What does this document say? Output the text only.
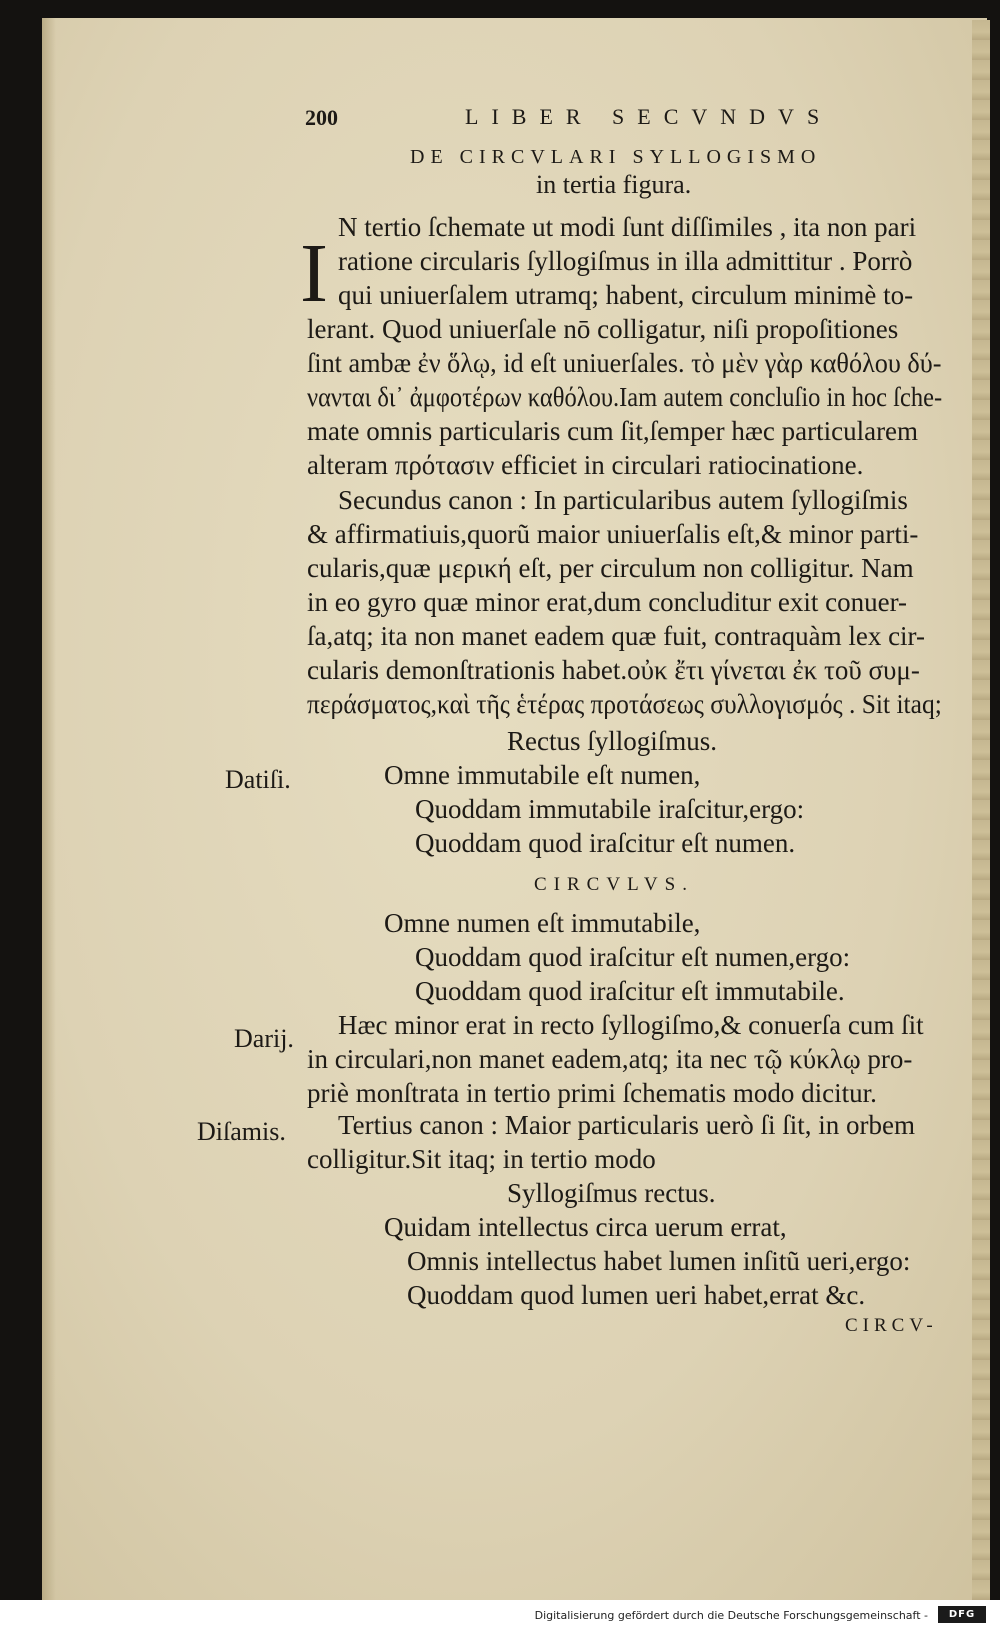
200	LIBER SECVNDVS
DE CIRCVLARI SYLLOGISMO
in tertia figura.
I N tertio ſchemate ut modi ſunt diſſimiles , ita non pari
ratione circularis ſyllogiſmus in illa admittitur . Porrò
qui uniuerſalem utramq; habent, circulum minimè to-
lerant. Quod uniuerſale nō colligatur, niſi propoſitiones
ſint ambæ ἐν ὅλῳ, id eſt uniuerſales. τὸ μὲν γὰρ καθόλου δύ-
νανται δι᾽ ἀμφοτέρων καθόλου.Iam autem concluſio in hoc ſche-
mate omnis particularis cum ſit,ſemper hæc particularem
alteram πρότασιν efficiet in circulari ratiocinatione.
Secundus canon : In particularibus autem ſyllogiſmis
& affirmatiuis,quorũ maior uniuerſalis eſt,& minor parti-
cularis,quæ μερική eſt, per circulum non colligitur. Nam
in eo gyro quæ minor erat,dum concluditur exit conuer-
ſa,atq; ita non manet eadem quæ fuit, contraquàm lex cir-
cularis demonſtrationis habet.οὐκ ἔτι γίνεται ἐκ τοῦ συμ-
περάσματος,καὶ τῆς ἑτέρας προτάσεως συλλογισμός . Sit itaq;
Rectus ſyllogiſmus.
Datiſi.	Omne immutabile eſt numen,
Quoddam immutabile iraſcitur,ergo:
Quoddam quod iraſcitur eſt numen.
CIRCVLVS.
Omne numen eſt immutabile,
Quoddam quod iraſcitur eſt numen,ergo:
Quoddam quod iraſcitur eſt immutabile.
Darij. Hæc minor erat in recto ſyllogiſmo,& conuerſa cum ſit
in circulari,non manet eadem,atq; ita nec τῷ κύκλῳ pro-
priè monſtrata in tertio primi ſchematis modo dicitur.
Diſamis. Tertius canon : Maior particularis uerò ſi ſit, in orbem
colligitur.Sit itaq; in tertio modo
Syllogiſmus rectus.
Quidam intellectus circa uerum errat,
Omnis intellectus habet lumen inſitũ ueri,ergo:
Quoddam quod lumen ueri habet,errat &c.
CIRCV-
Digitalisierung gefördert durch die Deutsche Forschungsgemeinschaft -	DFG
